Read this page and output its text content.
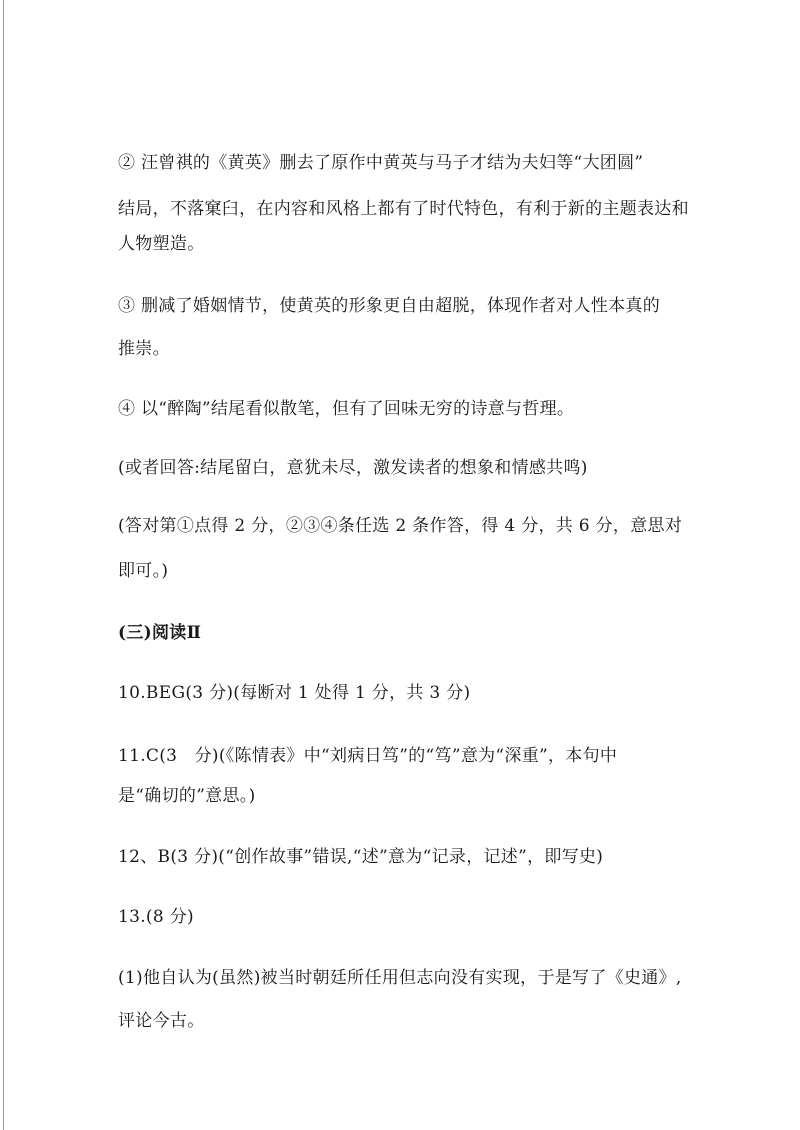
② 汪曾祺的《黄英》删去了原作中黄英与马子才结为夫妇等“大团圆”
结局，不落窠臼，在内容和风格上都有了时代特色，有利于新的主题表达和
人物塑造。
③ 删减了婚姻情节，使黄英的形象更自由超脱，体现作者对人性本真的
推崇。
④ 以“醉陶”结尾看似散笔，但有了回味无穷的诗意与哲理。
(或者回答:结尾留白，意犹未尽，激发读者的想象和情感共鸣)
(答对第①点得 2 分，②③④条任选 2 条作答，得 4 分，共 6 分，意思对
即可。)
(三)阅读Ⅱ
10.BEG(3 分)(每断对 1 处得 1 分，共 3 分)
11.C(3　分)(《陈情表》中“刘病日笃”的“笃”意为“深重”，本句中
是“确切的”意思。)
12、B(3 分)(“创作故事”错误,“述”意为“记录，记述”，即写史)
13.(8 分)
(1)他自认为(虽然)被当时朝廷所任用但志向没有实现，于是写了《史通》,
评论今古。
